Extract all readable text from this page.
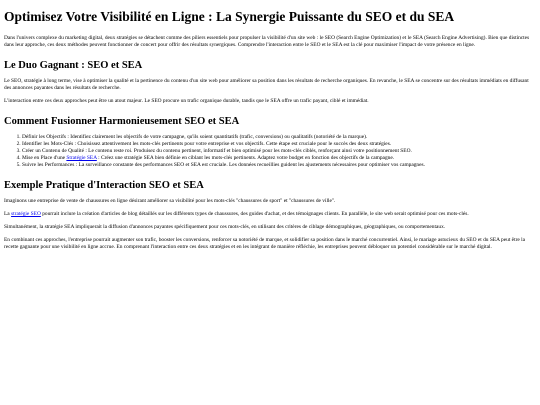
Optimisez Votre Visibilité en Ligne : La Synergie Puissante du SEO et du SEA

Dans l'univers complexe du marketing digital, deux stratégies se détachent comme des piliers essentiels pour propulser la visibilité d'un site web : le SEO (Search Engine Optimization) et le SEA (Search Engine Advertising). Bien que distinctes dans leur approche, ces deux méthodes peuvent fonctionner de concert pour offrir des résultats synergiques. Comprendre l'interaction entre le SEO et le SEA est la clé pour maximiser l'impact de votre présence en ligne.

Le Duo Gagnant : SEO et SEA

Le SEO, stratégie à long terme, vise à optimiser la qualité et la pertinence du contenu d'un site web pour améliorer sa position dans les résultats de recherche organiques. En revanche, le SEA se concentre sur des résultats immédiats en diffusant des annonces payantes dans les résultats de recherche.

L'interaction entre ces deux approches peut être un atout majeur. Le SEO procure un trafic organique durable, tandis que le SEA offre un trafic payant, ciblé et immédiat.

Comment Fusionner Harmonieusement SEO et SEA
1. Définir les Objectifs : Identifiez clairement les objectifs de votre campagne, qu'ils soient quantitatifs (trafic, conversions) ou qualitatifs (notoriété de la marque).
2. Identifier les Mots-Clés : Choisissez attentivement les mots-clés pertinents pour votre entreprise et vos objectifs. Cette étape est cruciale pour le succès des deux stratégies.
3. Créer un Contenu de Qualité : Le contenu reste roi. Produisez du contenu pertinent, informatif et bien optimisé pour les mots-clés ciblés, renforçant ainsi votre positionnement SEO.
4. Mise en Place d'une Stratégie SEA : Créez une stratégie SEA bien définie en ciblant les mots-clés pertinents. Adaptez votre budget en fonction des objectifs de la campagne.
5. Suivre les Performances : La surveillance constante des performances SEO et SEA est cruciale. Les données recueillies guident les ajustements nécessaires pour optimiser vos campagnes.
Exemple Pratique d'Interaction SEO et SEA

Imaginons une entreprise de vente de chaussures en ligne désirant améliorer sa visibilité pour les mots-clés "chaussures de sport" et "chaussures de ville".

La stratégie SEO pourrait inclure la création d'articles de blog détaillés sur les différents types de chaussures, des guides d'achat, et des témoignages clients. En parallèle, le site web serait optimisé pour ces mots-clés.

Simultanément, la stratégie SEA impliquerait la diffusion d'annonces payantes spécifiquement pour ces mots-clés, en utilisant des critères de ciblage démographiques, géographiques, ou comportementaux.

En combinant ces approches, l'entreprise pourrait augmenter son trafic, booster les conversions, renforcer sa notoriété de marque, et solidifier sa position dans le marché concurrentiel. Ainsi, le mariage astucieux du SEO et du SEA peut être la recette gagnante pour une visibilité en ligne accrue. En comprenant l'interaction entre ces deux stratégies et en les intégrant de manière réfléchie, les entreprises peuvent débloquer un potentiel considérable sur le marché digital.
